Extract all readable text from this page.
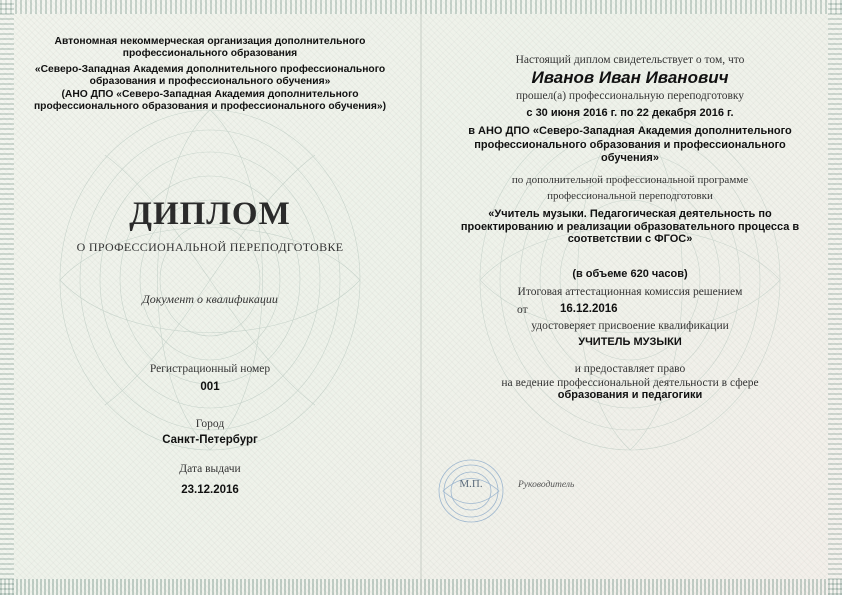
Автономная некоммерческая организация дополнительного
профессионального образования
«Северо-Западная Академия дополнительного профессионального
образования и профессионального обучения»
(АНО ДПО «Северо-Западная Академия дополнительного
профессионального образования и профессионального обучения»)
ДИПЛОМ
О ПРОФЕССИОНАЛЬНОЙ ПЕРЕПОДГОТОВКЕ
Документ о квалификации
Регистрационный номер
001
Город
Санкт-Петербург
Дата выдачи
23.12.2016
Настоящий диплом свидетельствует о том, что
Иванов Иван Иванович
прошел(а) профессиональную переподготовку
с 30 июня 2016 г. по 22 декабря 2016 г.
в АНО ДПО «Северо-Западная Академия дополнительного
профессионального образования и профессионального
обучения»
по дополнительной профессиональной программе
профессиональной переподготовки
«Учитель музыки. Педагогическая деятельность по
проектированию и реализации образовательного процесса в
соответствии с ФГОС»
(в объеме 620 часов)
Итоговая аттестационная комиссия решением
от	16.12.2016
удостоверяет присвоение квалификации
УЧИТЕЛЬ МУЗЫКИ
и предоставляет право
на ведение профессиональной деятельности в сфере
образования и педагогики
М.П.	Руководитель
